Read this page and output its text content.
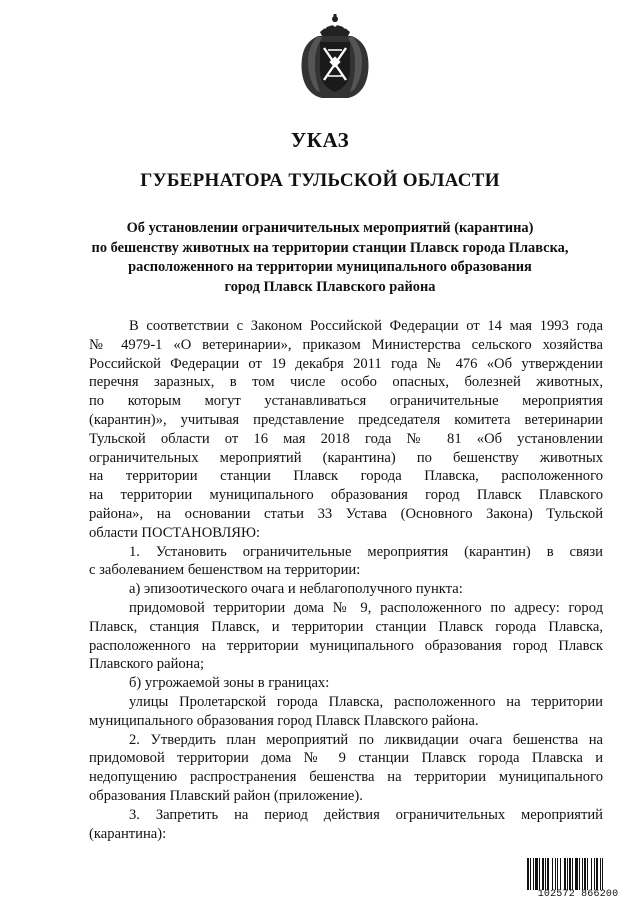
УКАЗ
ГУБЕРНАТОРА ТУЛЬСКОЙ ОБЛАСТИ
Об установлении ограничительных мероприятий (карантина)
по бешенству животных на территории станции Плавск города Плавска,
расположенного на территории муниципального образования
город Плавск Плавского района
В соответствии с Законом Российской Федерации от 14 мая 1993 года
№ 4979-1 «О ветеринарии», приказом Министерства сельского хозяйства
Российской Федерации от 19 декабря 2011 года № 476 «Об утверждении
перечня заразных, в том числе особо опасных, болезней животных,
по которым могут устанавливаться ограничительные мероприятия
(карантин)», учитывая представление председателя комитета ветеринарии
Тульской области от 16 мая 2018 года № 81 «Об установлении
ограничительных мероприятий (карантина) по бешенству животных
на территории станции Плавск города Плавска, расположенного
на территории муниципального образования город Плавск Плавского
района», на основании статьи 33 Устава (Основного Закона) Тульской
области ПОСТАНОВЛЯЮ:
1. Установить ограничительные мероприятия (карантин) в связи
с заболеванием бешенством на территории:
а) эпизоотического очага и неблагополучного пункта:
придомовой территории дома № 9, расположенного по адресу: город
Плавск, станция Плавск, и территории станции Плавск города Плавска,
расположенного на территории муниципального образования город Плавск
Плавского района;
б) угрожаемой зоны в границах:
улицы Пролетарской города Плавска, расположенного на территории
муниципального образования город Плавск Плавского района.
2. Утвердить план мероприятий по ликвидации очага бешенства на
придомовой территории дома № 9 станции Плавск города Плавска и
недопущению распространения бешенства на территории муниципального
образования Плавский район (приложение).
3. Запретить на период действия ограничительных мероприятий
(карантина):
102572 866200
